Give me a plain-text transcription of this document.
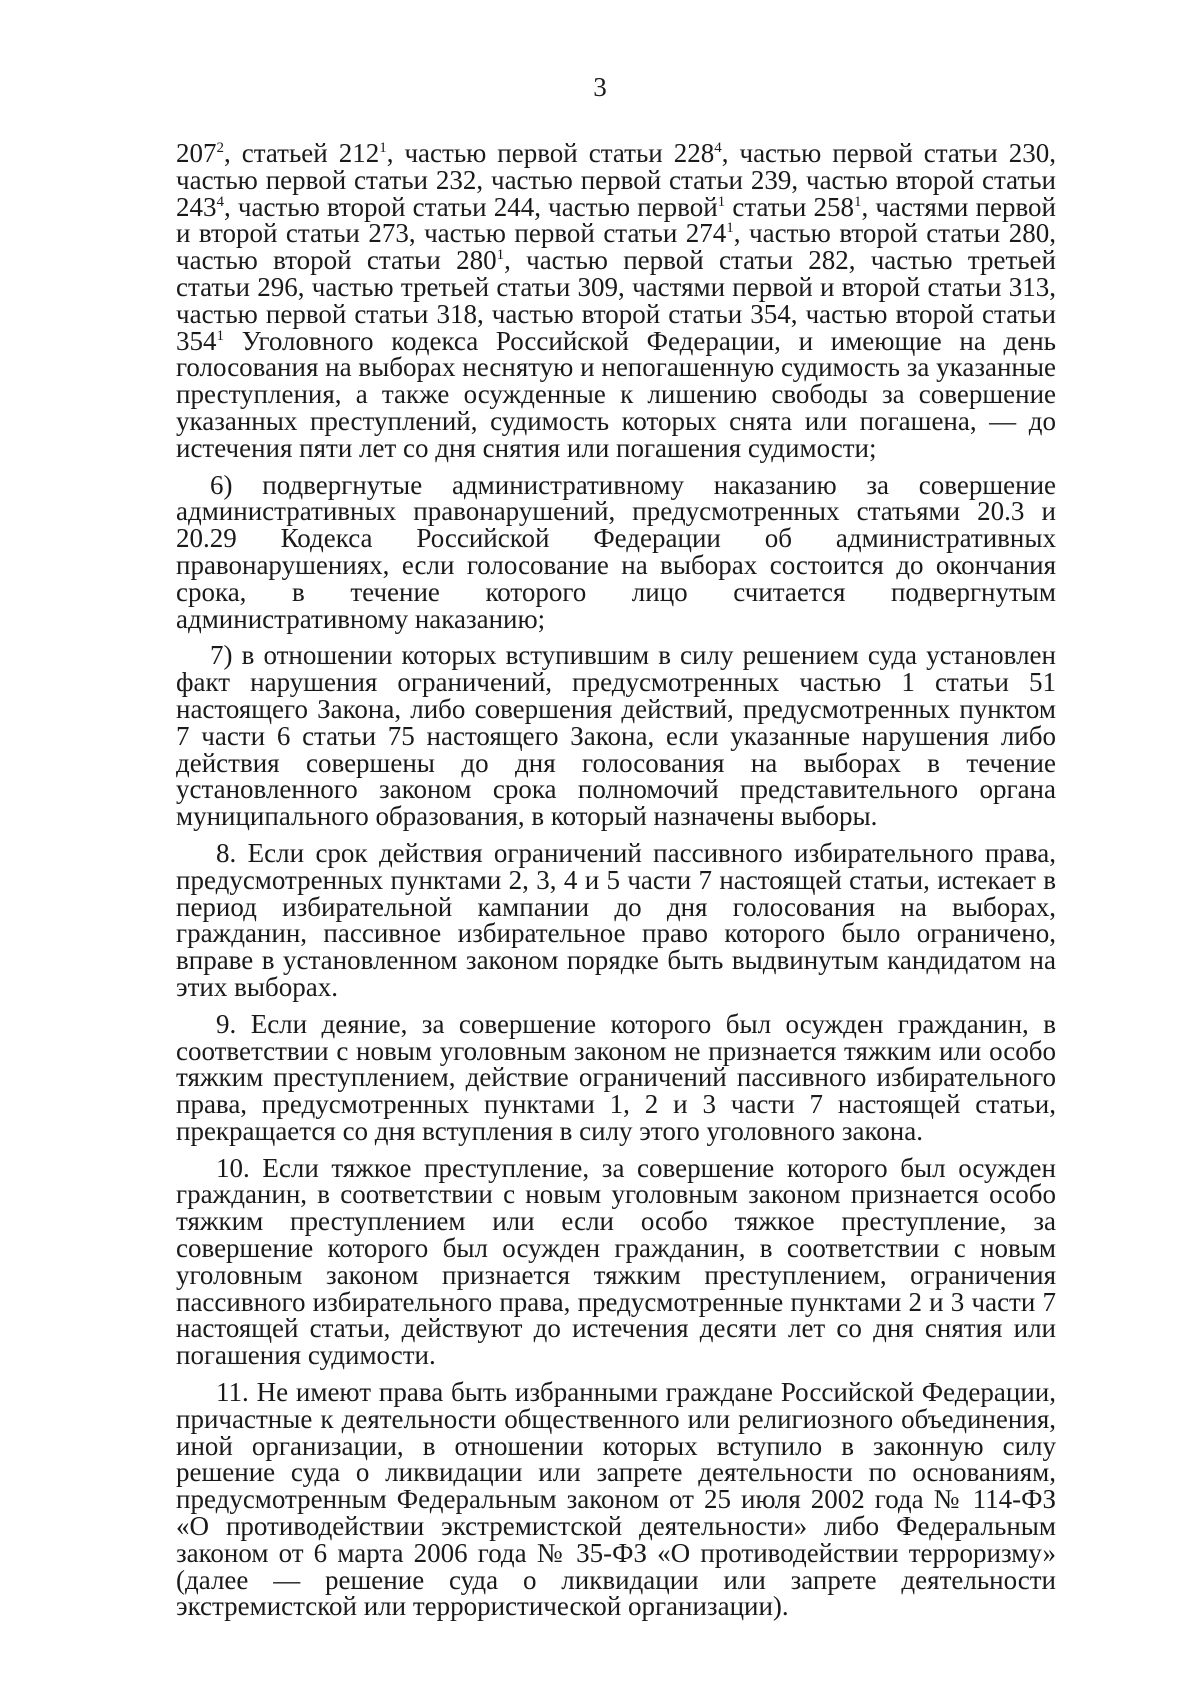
3

$207^2$, статьей $212^1$, частью первой статьи $228^4$, частью первой статьи 230, частью первой статьи 232, частью первой статьи 239, частью второй статьи $243^4$, частью второй статьи 244, частью первой$^1$ статьи $258^1$, частями первой и второй статьи 273, частью первой статьи $274^1$, частью второй статьи 280, частью второй статьи $280^1$, частью первой статьи 282, частью третьей статьи 296, частью третьей статьи 309, частями первой и второй статьи 313, частью первой статьи 318, частью второй статьи 354, частью второй статьи $354^1$ Уголовного кодекса Российской Федерации, и имеющие на день голосования на выборах неснятую и непогашенную судимость за указанные преступления, а также осужденные к лишению свободы за совершение указанных преступлений, судимость которых снята или погашена, — до истечения пяти лет со дня снятия или погашения судимости;

6) подвергнутые административному наказанию за совершение административных правонарушений, предусмотренных статьями 20.3 и 20.29 Кодекса Российской Федерации об административных правонарушениях, если голосование на выборах состоится до окончания срока, в течение которого лицо считается подвергнутым административному наказанию;

7) в отношении которых вступившим в силу решением суда установлен факт нарушения ограничений, предусмотренных частью 1 статьи 51 настоящего Закона, либо совершения действий, предусмотренных пунктом 7 части 6 статьи 75 настоящего Закона, если указанные нарушения либо действия совершены до дня голосования на выборах в течение установленного законом срока полномочий представительного органа муниципального образования, в который назначены выборы.

8. Если срок действия ограничений пассивного избирательного права, предусмотренных пунктами 2, 3, 4 и 5 части 7 настоящей статьи, истекает в период избирательной кампании до дня голосования на выборах, гражданин, пассивное избирательное право которого было ограничено, вправе в установленном законом порядке быть выдвинутым кандидатом на этих выборах.

9. Если деяние, за совершение которого был осужден гражданин, в соответствии с новым уголовным законом не признается тяжким или особо тяжким преступлением, действие ограничений пассивного избирательного права, предусмотренных пунктами 1, 2 и 3 части 7 настоящей статьи, прекращается со дня вступления в силу этого уголовного закона.

10. Если тяжкое преступление, за совершение которого был осужден гражданин, в соответствии с новым уголовным законом признается особо тяжким преступлением или если особо тяжкое преступление, за совершение которого был осужден гражданин, в соответствии с новым уголовным законом признается тяжким преступлением, ограничения пассивного избирательного права, предусмотренные пунктами 2 и 3 части 7 настоящей статьи, действуют до истечения десяти лет со дня снятия или погашения судимости.

11. Не имеют права быть избранными граждане Российской Федерации, причастные к деятельности общественного или религиозного объединения, иной организации, в отношении которых вступило в законную силу решение суда о ликвидации или запрете деятельности по основаниям, предусмотренным Федеральным законом от 25 июля 2002 года № 114-ФЗ «О противодействии экстремистской деятельности» либо Федеральным законом от 6 марта 2006 года № 35-ФЗ «О противодействии терроризму» (далее — решение суда о ликвидации или запрете деятельности экстремистской или террористической организации).
